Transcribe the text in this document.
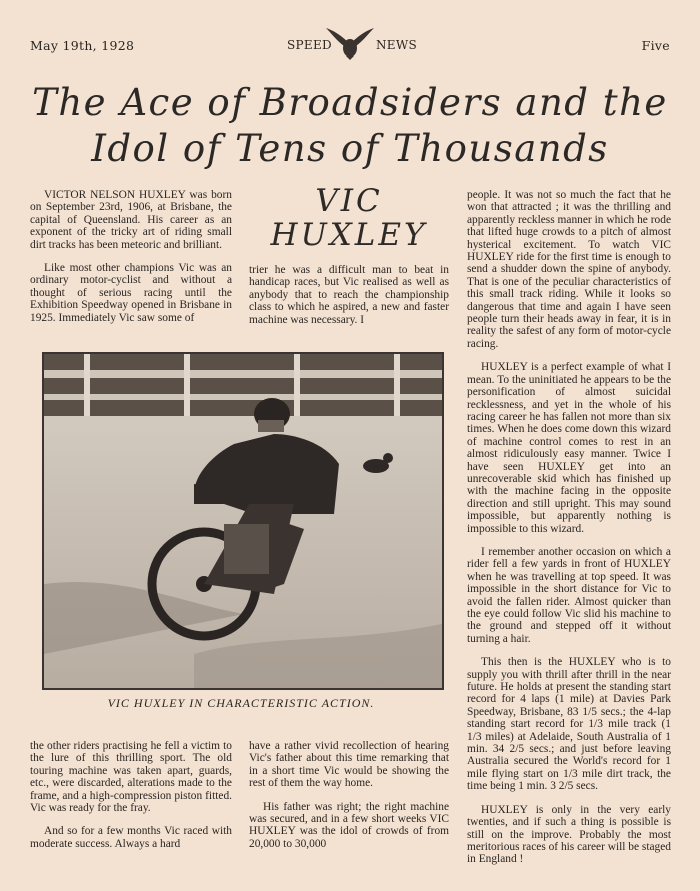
May 19th, 1928	SPEED	NEWS	Five
The Ace of Broadsiders and the
Idol of Tens of Thousands

VICTOR NELSON HUXLEY was born on September 23rd, 1906, at Brisbane, the capital of Queensland. His career as an exponent of the tricky art of riding small dirt tracks has been meteoric and brilliant.

Like most other champions Vic was an ordinary motor-cyclist and without a thought of serious racing until the Exhibition Speedway opened in Brisbane in 1925. Immediately Vic saw some of

VIC
HUXLEY

trier he was a difficult man to beat in handicap races, but Vic realised as well as anybody that to reach the championship class to which he aspired, a new and faster machine was necessary. I

people. It was not so much the fact that he won that attracted ; it was the thrilling and apparently reckless manner in which he rode that lifted huge crowds to a pitch of almost hysterical excitement. To watch VIC HUXLEY ride for the first time is enough to send a shudder down the spine of anybody. That is one of the peculiar characteristics of this small track riding. While it looks so dangerous that time and again I have seen people turn their heads away in fear, it is in reality the safest of any form of motor-cycle racing.

HUXLEY is a perfect example of what I mean. To the uninitiated he appears to be the personification of almost suicidal recklessness, and yet in the whole of his racing career he has fallen not more than six times. When he does come down this wizard of machine control comes to rest in an almost ridiculously easy manner. Twice I have seen HUXLEY get into an unrecoverable skid which has finished up with the machine facing in the opposite direction and still upright. This may sound impossible, but apparently nothing is impossible to this wizard.

I remember another occasion on which a rider fell a few yards in front of HUXLEY when he was travelling at top speed. It was impossible in the short distance for Vic to avoid the fallen rider. Almost quicker than the eye could follow Vic slid his machine to the ground and stepped off it without turning a hair.

This then is the HUXLEY who is to supply you with thrill after thrill in the near future. He holds at present the standing start record for 4 laps (1 mile) at Davies Park Speedway, Brisbane, 83 1/5 secs.; the 4-lap standing start record for 1/3 mile track (1 1/3 miles) at Adelaide, South Australia of 1 min. 34 2/5 secs.; and just before leaving Australia secured the World's record for 1 mile flying start on 1/3 mile dirt track, the time being 1 min. 3 2/5 secs.

HUXLEY is only in the very early twenties, and if such a thing is possible is still on the improve. Probably the most meritorious races of his career will be staged in England !

VIC HUXLEY IN CHARACTERISTIC ACTION.

the other riders practising he fell a victim to the lure of this thrilling sport. The old touring machine was taken apart, guards, etc., were discarded, alterations made to the frame, and a high-compression piston fitted. Vic was ready for the fray.

And so for a few months Vic raced with moderate success. Always a hard

have a rather vivid recollection of hearing Vic's father about this time remarking that in a short time Vic would be showing the rest of them the way home.

His father was right; the right machine was secured, and in a few short weeks VIC HUXLEY was the idol of crowds of from 20,000 to 30,000
